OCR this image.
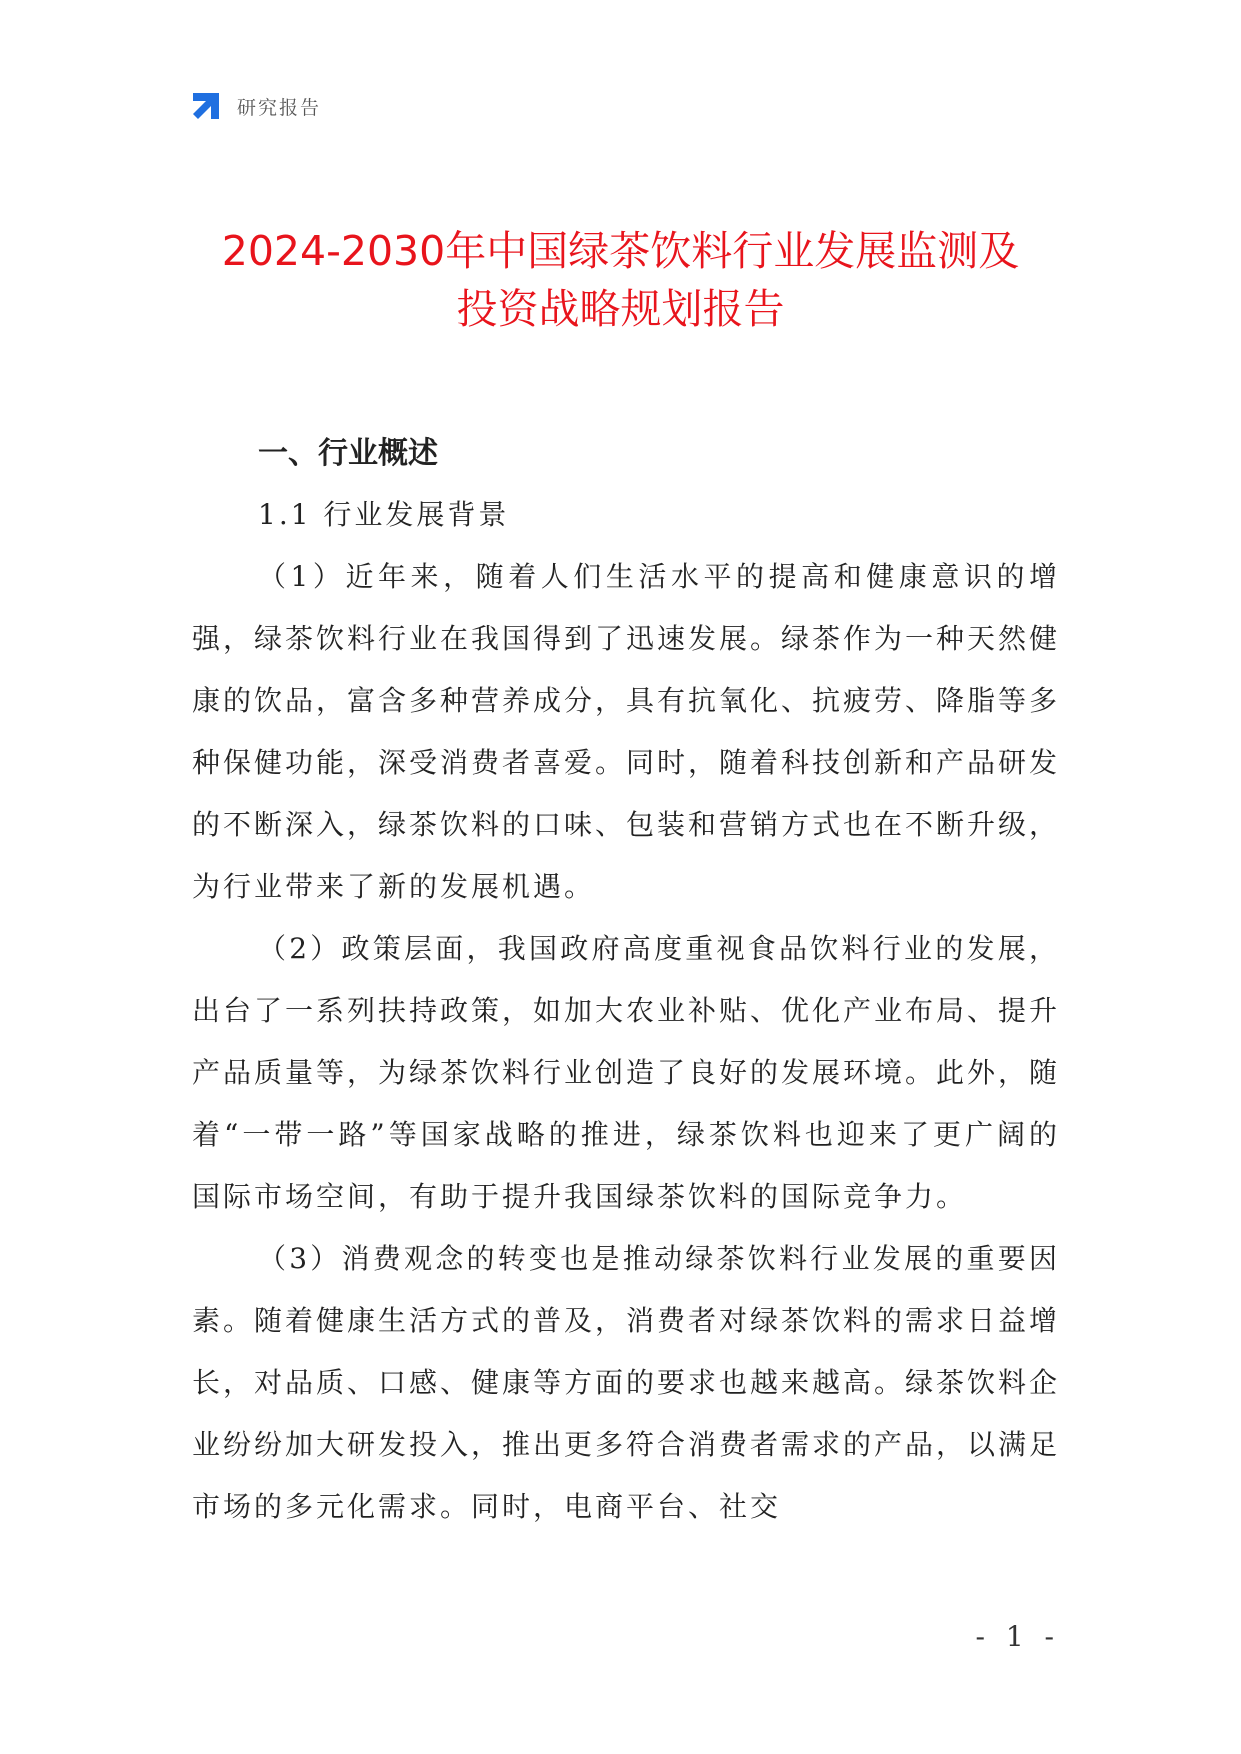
研究报告
2024-2030年中国绿茶饮料行业发展监测及
投资战略规划报告
一、行业概述
1.1 行业发展背景

（1）近年来，随着人们生活水平的提高和健康意识的增强，绿茶饮料行业在我国得到了迅速发展。绿茶作为一种天然健康的饮品，富含多种营养成分，具有抗氧化、抗疲劳、降脂等多种保健功能，深受消费者喜爱。同时，随着科技创新和产品研发的不断深入，绿茶饮料的口味、包装和营销方式也在不断升级，为行业带来了新的发展机遇。

（2）政策层面，我国政府高度重视食品饮料行业的发展，出台了一系列扶持政策，如加大农业补贴、优化产业布局、提升产品质量等，为绿茶饮料行业创造了良好的发展环境。此外，随着“一带一路”等国家战略的推进，绿茶饮料也迎来了更广阔的国际市场空间，有助于提升我国绿茶饮料的国际竞争力。

（3）消费观念的转变也是推动绿茶饮料行业发展的重要因素。随着健康生活方式的普及，消费者对绿茶饮料的需求日益增长，对品质、口感、健康等方面的要求也越来越高。绿茶饮料企业纷纷加大研发投入，推出更多符合消费者需求的产品，以满足市场的多元化需求。同时，电商平台、社交

- 1 -
